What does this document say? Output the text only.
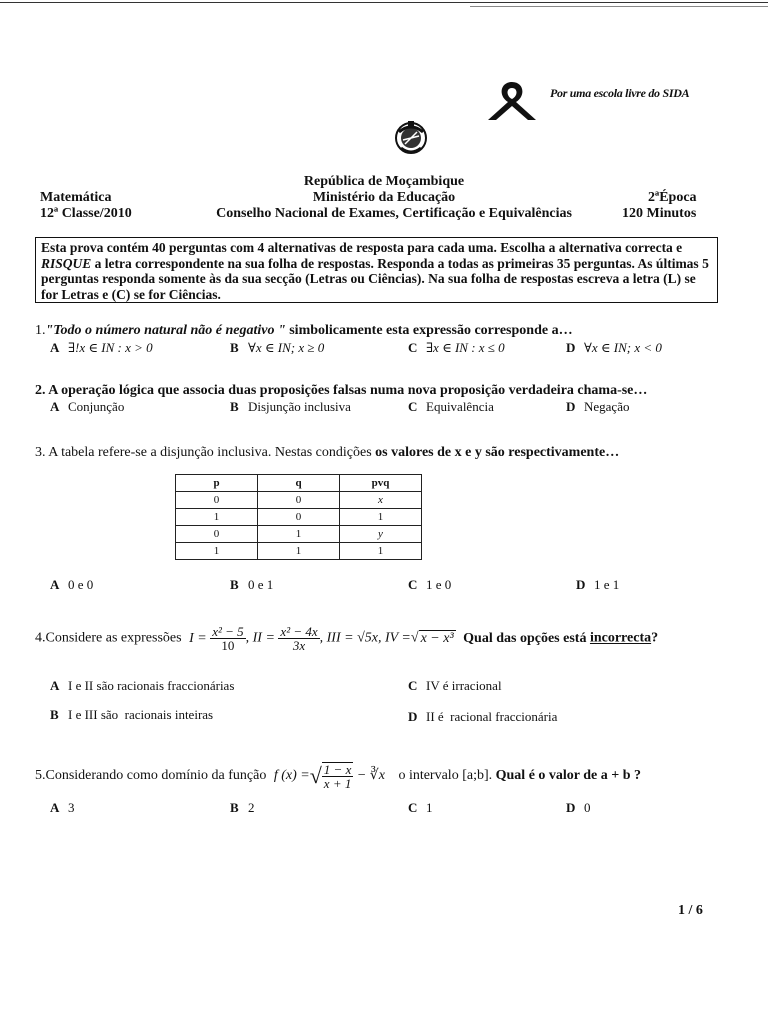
Por uma escola livre do SIDA
República de Moçambique
Ministério da Educação
Conselho Nacional de Exames, Certificação e Equivalências
Matemática
12ª Classe/2010
2ªÉpoca
120 Minutos
Esta prova contém 40 perguntas com 4 alternativas de resposta para cada uma. Escolha a alternativa correcta e RISQUE a letra correspondente na sua folha de respostas. Responda a todas as primeiras 35 perguntas. As últimas 5 perguntas responda somente às da sua secção (Letras ou Ciências). Na sua folha de respostas escreva a letra (L) se for Letras e (C) se for Ciências.
1."Todo o número natural não é negativo " simbolicamente esta expressão corresponde a…
A ∃!x ∈ IN : x > 0	B ∀x ∈ IN; x ≥ 0	C ∃x ∈ IN : x ≤ 0	D ∀x ∈ IN; x < 0
2. A operação lógica que associa duas proposições falsas numa nova proposição verdadeira chama-se…
A Conjunção	B Disjunção inclusiva	C Equivalência	D Negação
3. A tabela refere-se a disjunção inclusiva. Nestas condições os valores de x e y são respectivamente…
p	q	pvq
0	0	x
1	0	1
0	1	y
1	1	1
A 0 e 0	B 0 e 1	C 1 e 0	D 1 e 1
4.Considere as expressões $I = \frac{\text{x² − 5}}{10}$ , II = $\frac{\text{x² − 4x}}{3x}$ , III = √5x, IV =√ x − x³ Qual das opções está incorrecta?
A I e II são racionais fraccionárias	C IV é irracional
B I e III são  racionais inteiras	D II é  racional fraccionária
5.Considerando como domínio da função f (x) =√ $\frac{1 - x}{x + 1}$ − ∛x o intervalo [a;b]. Qual é o valor de a + b ?
A 3	B 2	C 1	D 0
1 / 6
